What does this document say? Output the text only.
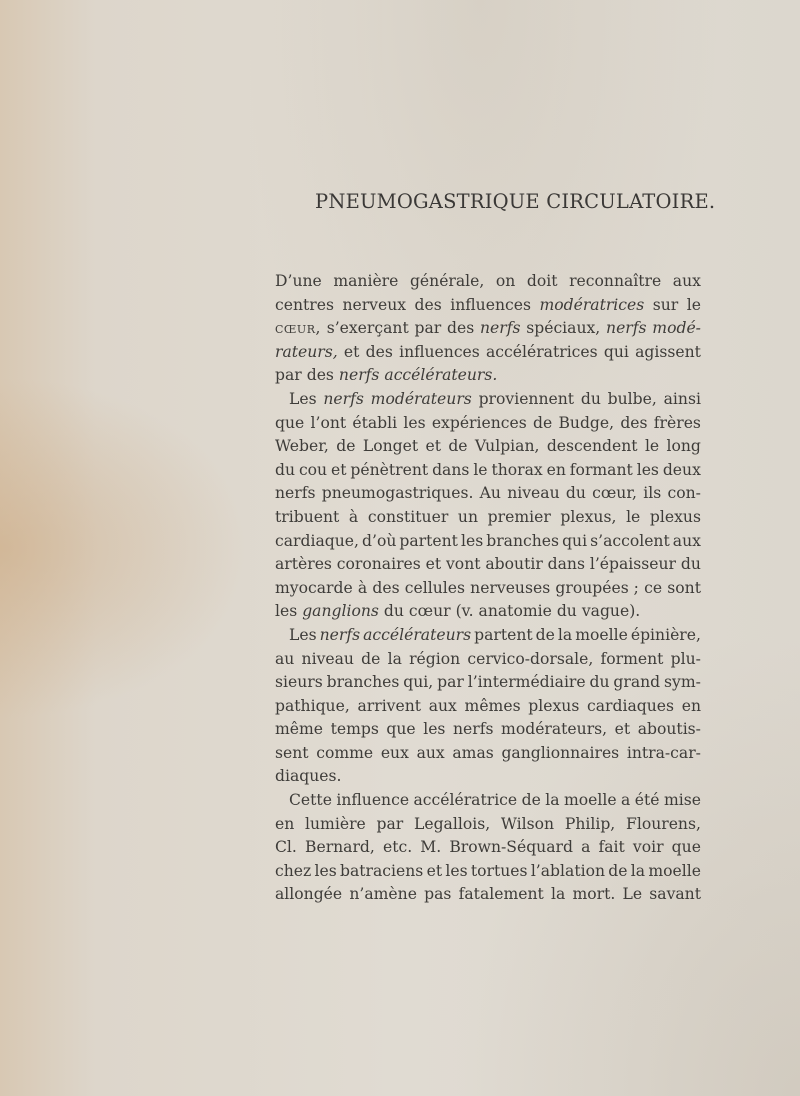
PNEUMOGASTRIQUE CIRCULATOIRE.
D’une manière générale, on doit reconnaître aux
centres nerveux des influences modératrices sur le
cœur, s’exerçant par des nerfs spéciaux, nerfs modé-
rateurs, et des influences accélératrices qui agissent
par des nerfs accélérateurs.
Les nerfs modérateurs proviennent du bulbe, ainsi
que l’ont établi les expériences de Budge, des frères
Weber, de Longet et de Vulpian, descendent le long
du cou et pénètrent dans le thorax en formant les deux
nerfs pneumogastriques. Au niveau du cœur, ils con-
tribuent à constituer un premier plexus, le plexus
cardiaque, d’où partent les branches qui s’accolent aux
artères coronaires et vont aboutir dans l’épaisseur du
myocarde à des cellules nerveuses groupées ; ce sont
les ganglions du cœur (v. anatomie du vague).
Les nerfs accélérateurs partent de la moelle épinière,
au niveau de la région cervico-dorsale, forment plu-
sieurs branches qui, par l’intermédiaire du grand sym-
pathique, arrivent aux mêmes plexus cardiaques en
même temps que les nerfs modérateurs, et aboutis-
sent comme eux aux amas ganglionnaires intra-car-
diaques.
Cette influence accélératrice de la moelle a été mise
en lumière par Legallois, Wilson Philip, Flourens,
Cl. Bernard, etc. M. Brown-Séquard a fait voir que
chez les batraciens et les tortues l’ablation de la moelle
allongée n’amène pas fatalement la mort. Le savant
